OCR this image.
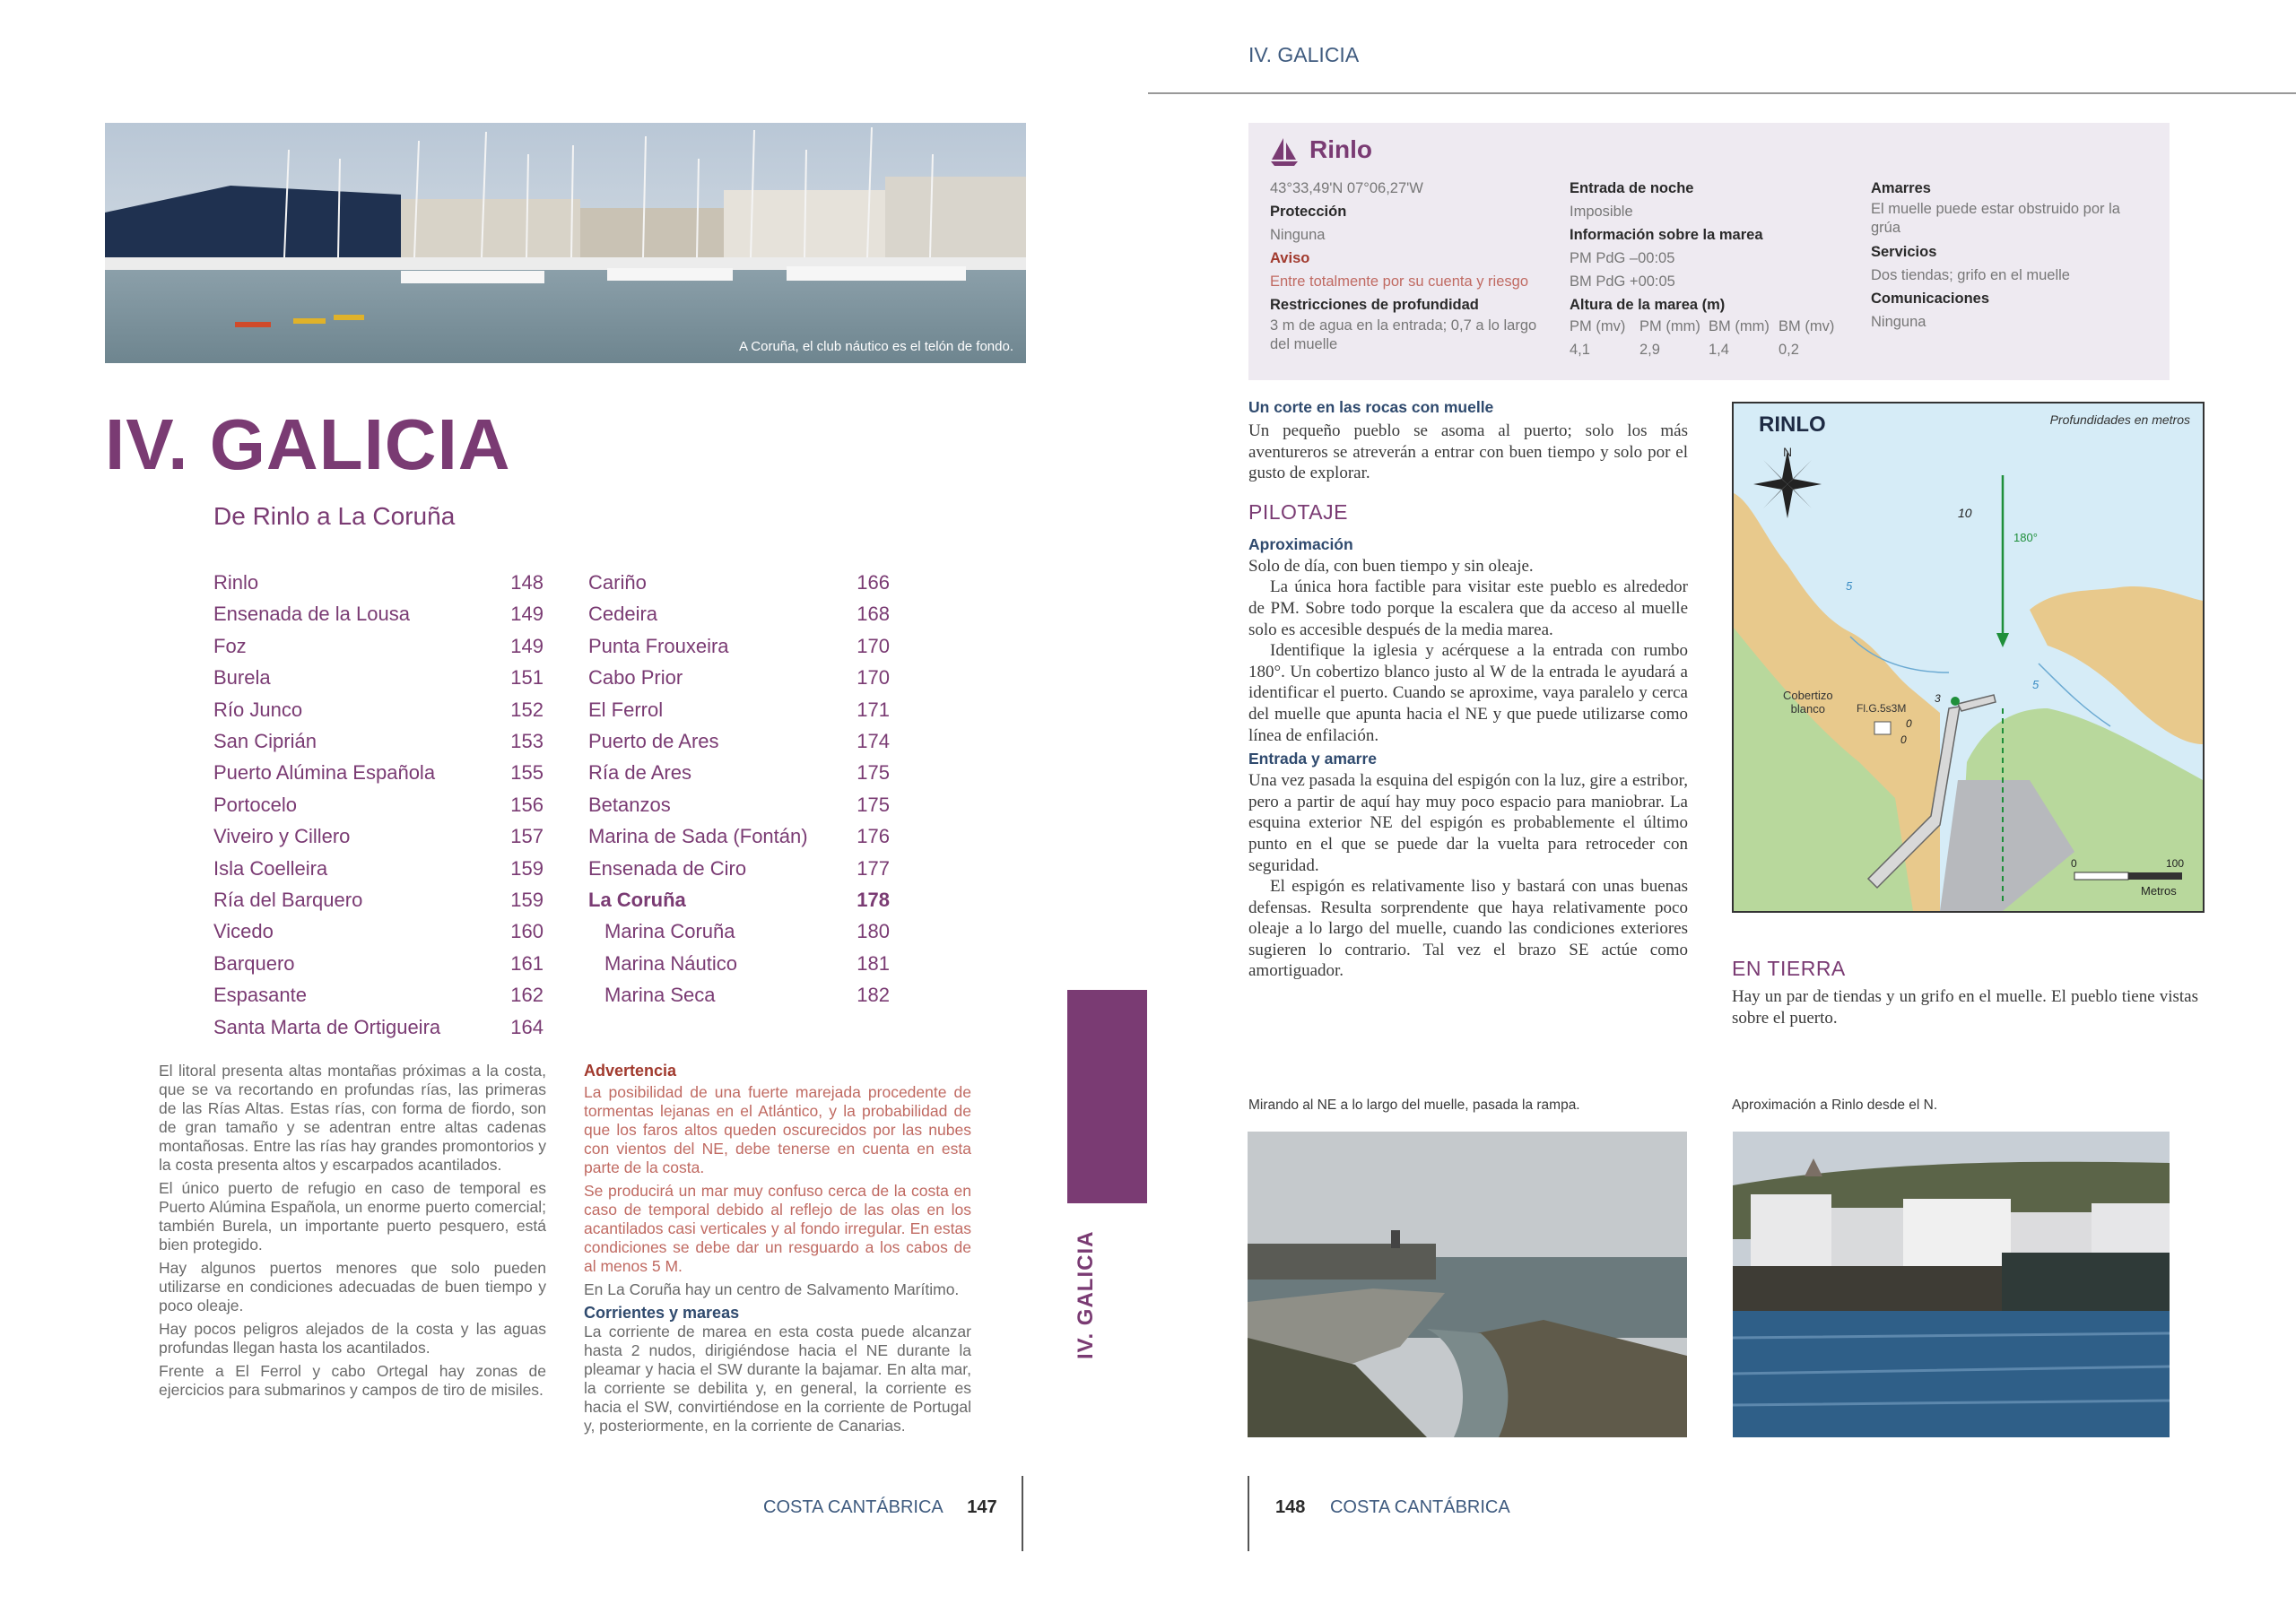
A Coruña, el club náutico es el telón de fondo.
IV. GALICIA
De Rinlo a La Coruña
Rinlo	148
Ensenada de la Lousa	149
Foz	149
Burela	151
Río Junco	152
San Ciprián	153
Puerto Alúmina Española	155
Portocelo	156
Viveiro y Cillero	157
Isla Coelleira	159
Ría del Barquero	159
Vicedo	160
Barquero	161
Espasante	162
Santa Marta de Ortigueira	164
Cariño	166
Cedeira	168
Punta Frouxeira	170
Cabo Prior	170
El Ferrol	171
Puerto de Ares	174
Ría de Ares	175
Betanzos	175
Marina de Sada (Fontán) 176
Ensenada de Ciro	177
La Coruña	178
Marina Coruña	180
Marina Náutico	181
Marina Seca	182

El litoral presenta altas montañas próximas a la costa, que se va recortando en profundas rías, las primeras de las Rías Altas. Estas rías, con forma de fiordo, son de gran tamaño y se adentran entre altas cadenas montañosas. Entre las rías hay grandes promontorios y la costa presenta altos y escarpados acantilados.

El único puerto de refugio en caso de temporal es Puerto Alúmina Española, un enorme puerto comercial; también Burela, un importante puerto pesquero, está bien protegido.

Hay algunos puertos menores que solo pueden utilizarse en condiciones adecuadas de buen tiempo y poco oleaje.

Hay pocos peligros alejados de la costa y las aguas profundas llegan hasta los acantilados.

Frente a El Ferrol y cabo Ortegal hay zonas de ejercicios para submarinos y campos de tiro de misiles.

Advertencia

La posibilidad de una fuerte marejada procedente de tormentas lejanas en el Atlántico, y la probabilidad de que los faros altos queden oscurecidos por las nubes con vientos del NE, debe tenerse en cuenta en esta parte de la costa.

Se producirá un mar muy confuso cerca de la costa en caso de temporal debido al reflejo de las olas en los acantilados casi verticales y al fondo irregular. En estas condiciones se debe dar un resguardo a los cabos de al menos 5 M.

En La Coruña hay un centro de Salvamento Marítimo.

Corrientes y mareas

La corriente de marea en esta costa puede alcanzar hasta 2 nudos, dirigiéndose hacia el NE durante la pleamar y hacia el SW durante la bajamar. En alta mar, la corriente se debilita y, en general, la corriente es hacia el SW, convirtiéndose en la corriente de Portugal y, posteriormente, en la corriente de Canarias.

COSTA CANTÁBRICA 147
IV. GALICIA
IV. GALICIA
Rinlo
43°33,49'N 07°06,27'W
Protección
Ninguna
Aviso
Entre totalmente por su cuenta y riesgo
Restricciones de profundidad
3 m de agua en la entrada; 0,7 a lo largo del muelle
Entrada de noche
Imposible
Información sobre la marea
PM PdG –00:05
BM PdG +00:05
Altura de la marea (m)
PM (mv) PM (mm) BM (mm) BM (mv)
4,1	2,9	1,4	0,2
Amarres
El muelle puede estar obstruido por la grúa
Servicios
Dos tiendas; grifo en el muelle
Comunicaciones
Ninguna
Un corte en las rocas con muelle

Un pequeño pueblo se asoma al puerto; solo los más aventureros se atreverán a entrar con buen tiempo y solo por el gusto de explorar.

PILOTAJE
Aproximación

Solo de día, con buen tiempo y sin oleaje.

La única hora factible para visitar este pueblo es alrededor de PM. Sobre todo porque la escalera que da acceso al muelle solo es accesible después de la media marea.

Identifique la iglesia y acérquese a la entrada con rumbo 180°. Un cobertizo blanco justo al W de la entrada le ayudará a identificar el puerto. Cuando se aproxime, vaya paralelo y cerca del muelle que apunta hacia el NE y que puede utilizarse como línea de enfilación.

Entrada y amarre

Una vez pasada la esquina del espigón con la luz, gire a estribor, pero a partir de aquí hay muy poco espacio para maniobrar. La esquina exterior NE del espigón es probablemente el último punto en el que se puede dar la vuelta para retroceder con seguridad.

El espigón es relativamente liso y bastará con unas buenas defensas. Resulta sorprendente que haya relativamente poco oleaje a lo largo del muelle, cuando las condiciones exteriores sugieren lo contrario. Tal vez el brazo SE actúe como amortiguador.

RINLO	Profundidades en metros
N
10
180°
5
5
Cobertizo
blanco	Fl.G.5s3M
3
0
0
0	100
Metros
EN TIERRA

Hay un par de tiendas y un grifo en el muelle. El pueblo tiene vistas sobre el puerto.

Mirando al NE a lo largo del muelle, pasada la rampa.	Aproximación a Rinlo desde el N.
148 COSTA CANTÁBRICA
